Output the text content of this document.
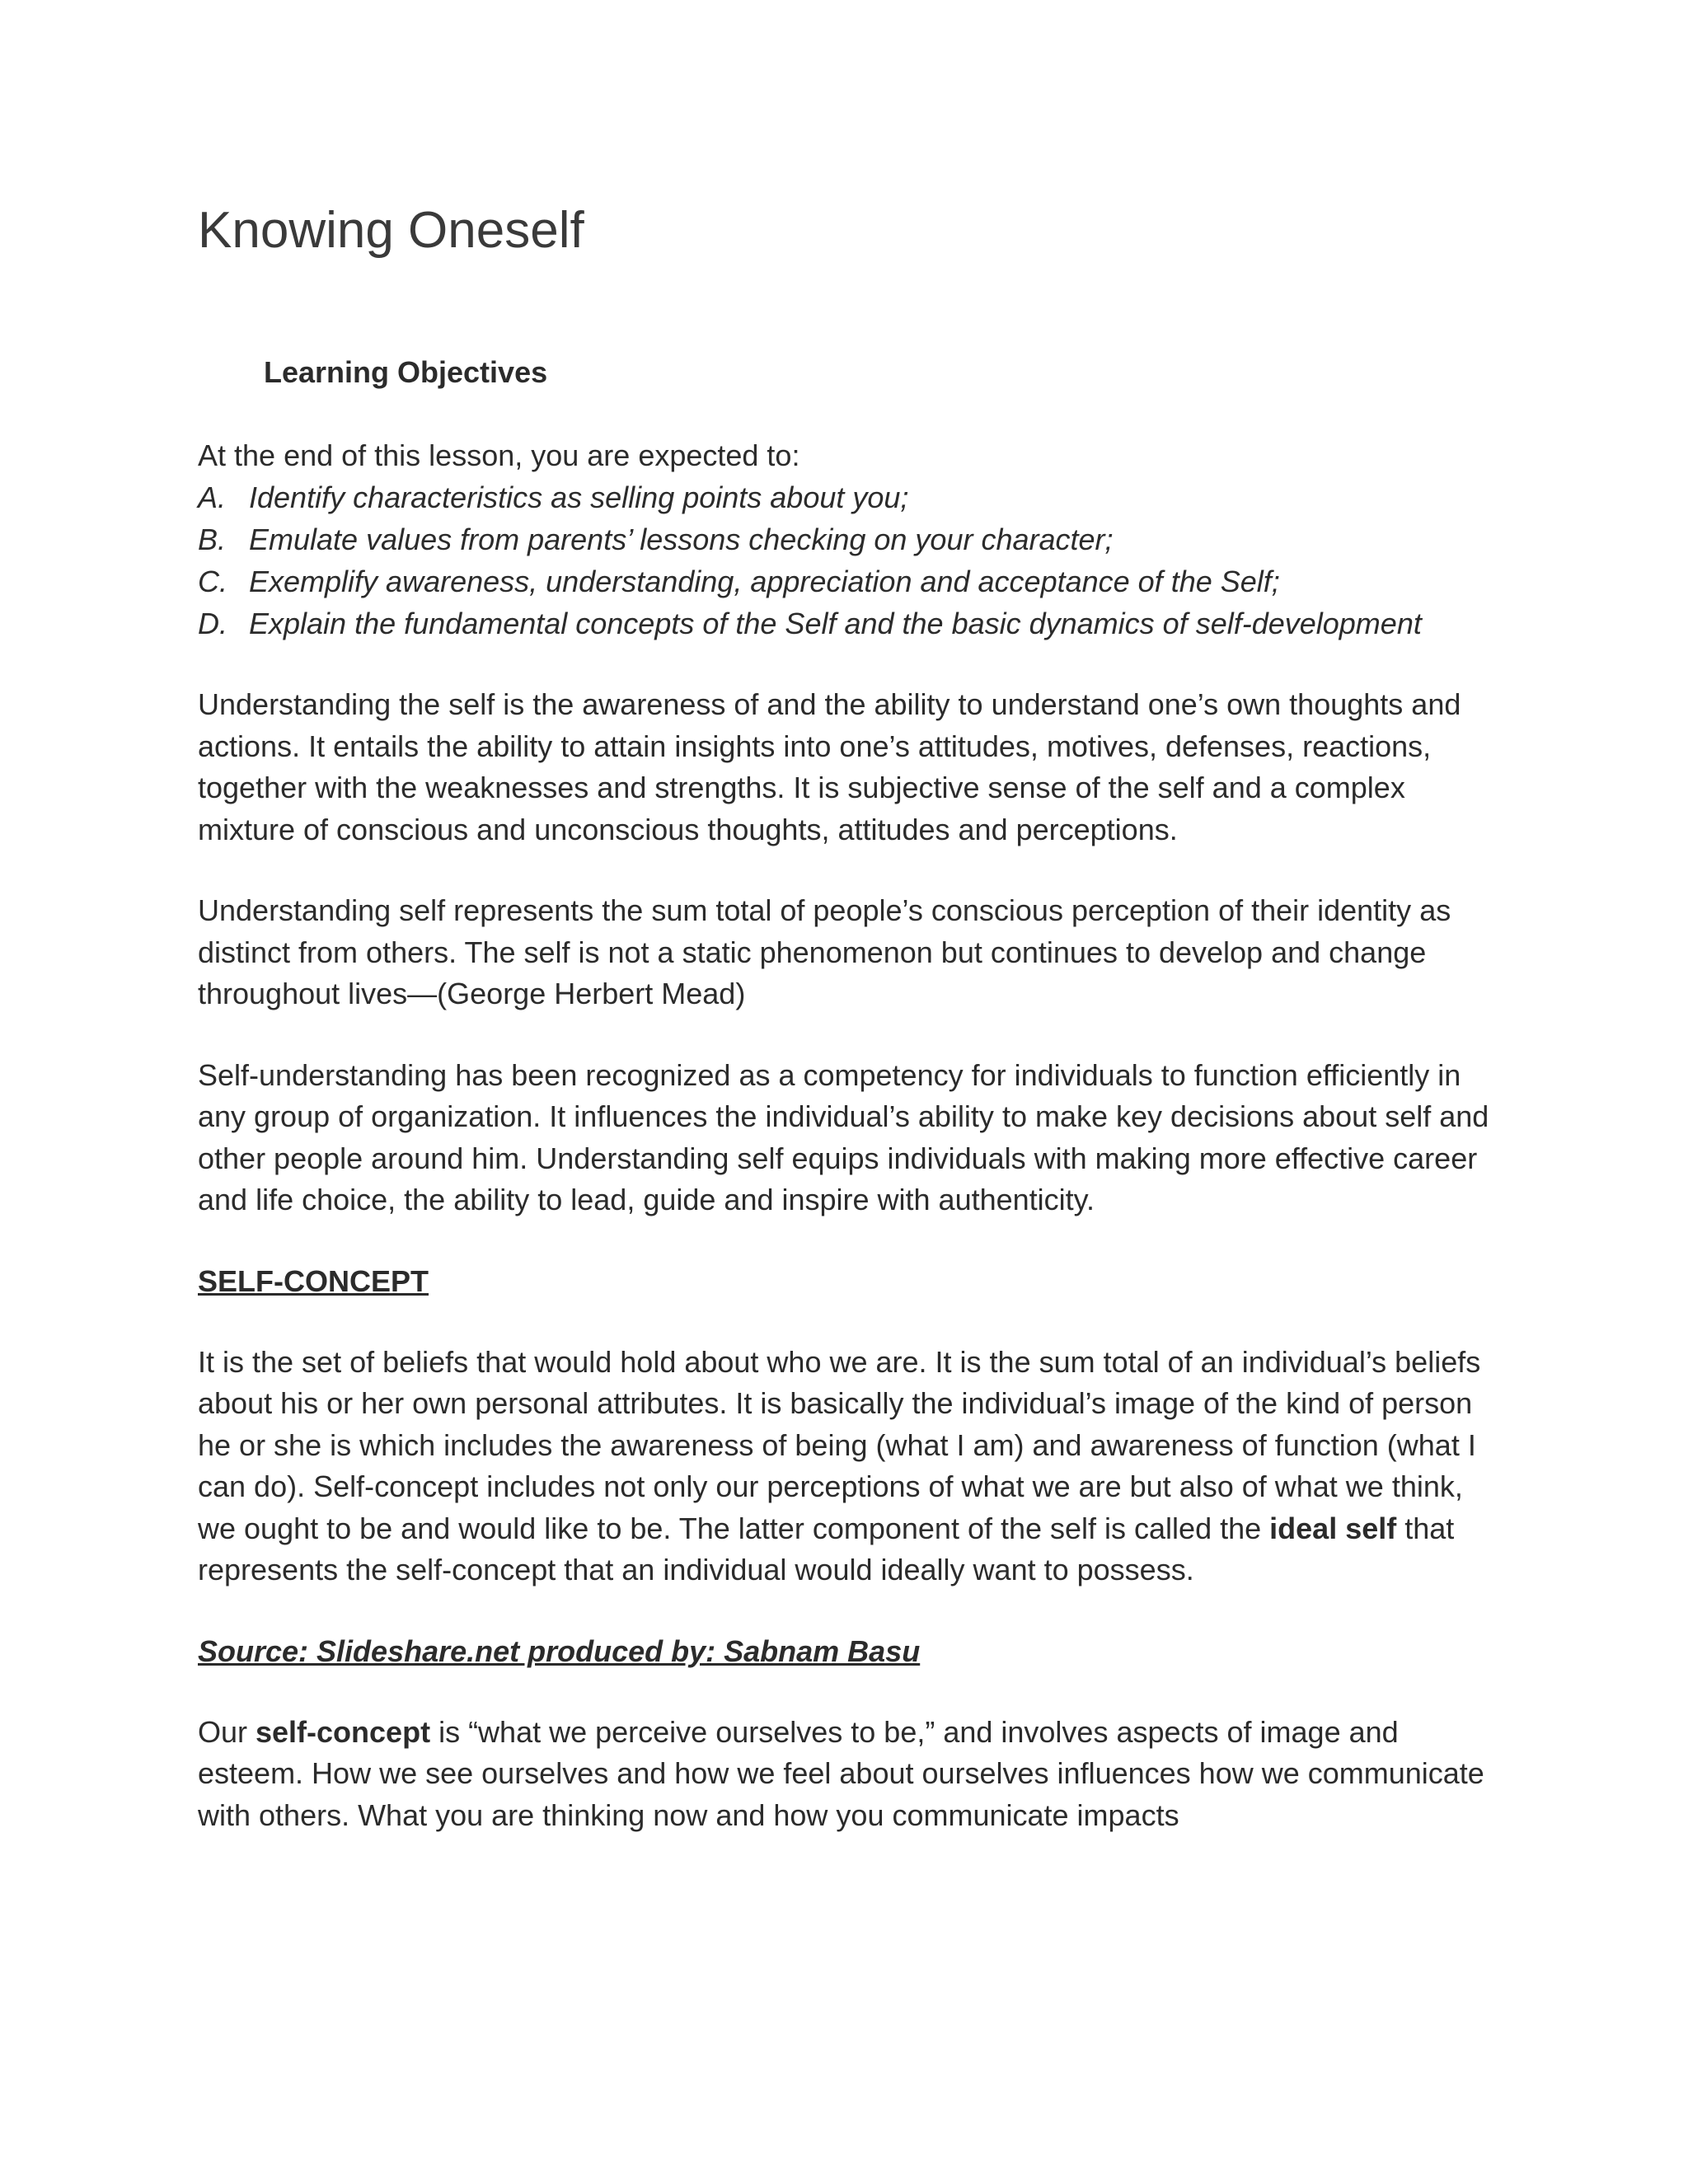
Knowing Oneself
Learning Objectives

At the end of this lesson, you are expected to:

A. Identify characteristics as selling points about you;
B. Emulate values from parents’ lessons checking on your character;
C. Exemplify awareness, understanding, appreciation and acceptance of the Self;
D. Explain the fundamental concepts of the Self and the basic dynamics of self-development

Understanding the self is the awareness of and the ability to understand one’s own thoughts and actions. It entails the ability to attain insights into one’s attitudes, motives, defenses, reactions, together with the weaknesses and strengths. It is subjective sense of the self and a complex mixture of conscious and unconscious thoughts, attitudes and perceptions.

Understanding self represents the sum total of people’s conscious perception of their identity as distinct from others. The self is not a static phenomenon but continues to develop and change throughout lives—(George Herbert Mead)

Self-understanding has been recognized as a competency for individuals to function efficiently in any group of organization. It influences the individual’s ability to make key decisions about self and other people around him. Understanding self equips individuals with making more effective career and life choice, the ability to lead, guide and inspire with authenticity.

SELF-CONCEPT

It is the set of beliefs that would hold about who we are. It is the sum total of an individual’s beliefs about his or her own personal attributes. It is basically the individual’s image of the kind of person he or she is which includes the awareness of being (what I am) and awareness of function (what I can do). Self-concept includes not only our perceptions of what we are but also of what we think, we ought to be and would like to be. The latter component of the self is called the ideal self that represents the self-concept that an individual would ideally want to possess.

Source: Slideshare.net produced by: Sabnam Basu

Our self-concept is “what we perceive ourselves to be,” and involves aspects of image and esteem. How we see ourselves and how we feel about ourselves influences how we communicate with others. What you are thinking now and how you communicate impacts
